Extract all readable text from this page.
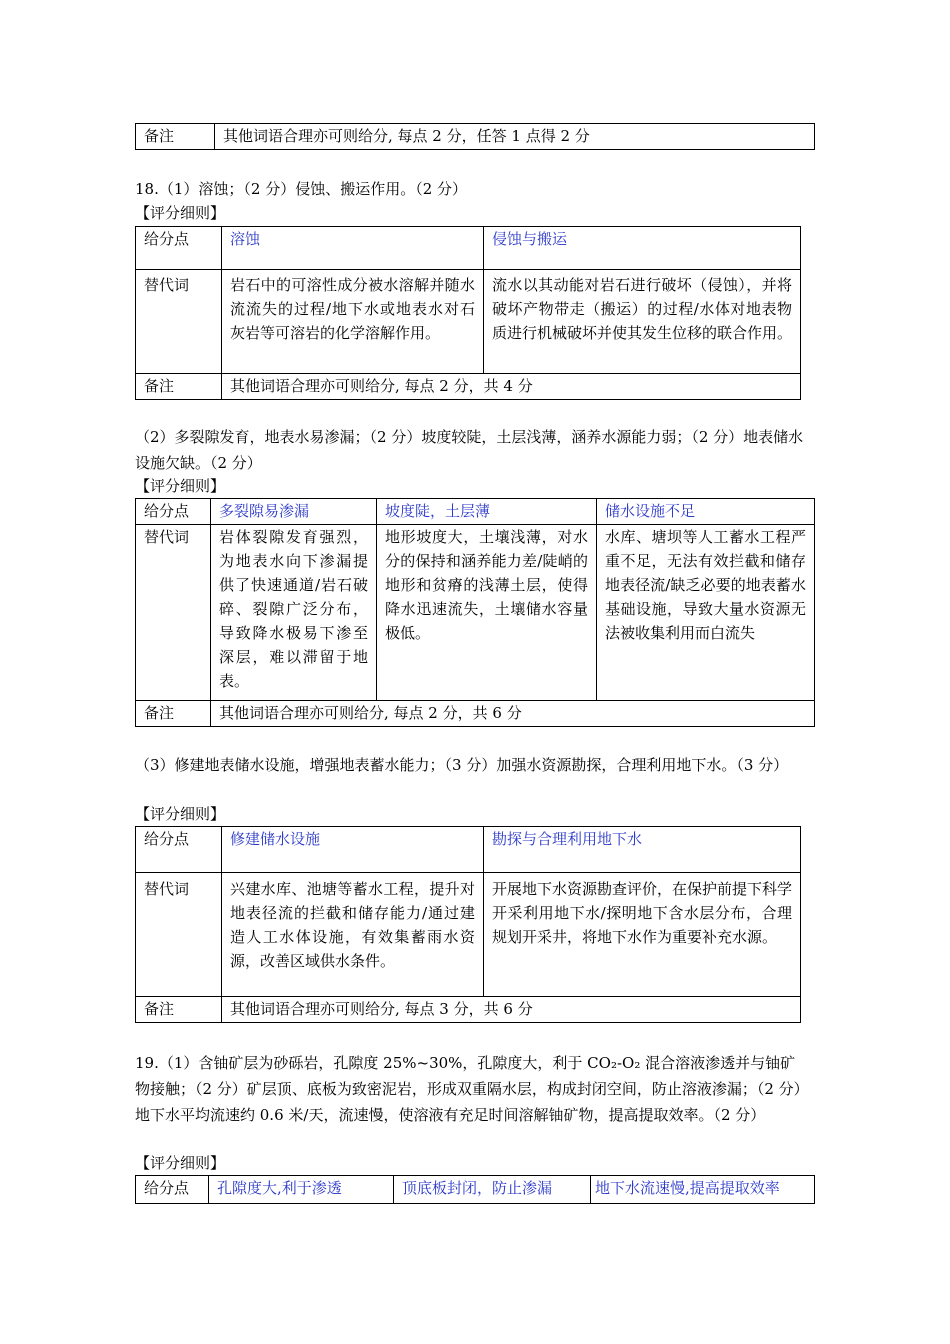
备注	其他词语合理亦可则给分, 每点 2 分，任答 1 点得 2 分

18.（1）溶蚀；（2 分）侵蚀、搬运作用。（2 分）

【评分细则】

给分点	溶蚀	侵蚀与搬运
替代词	岩石中的可溶性成分被水溶解并随水流流失的过程/地下水或地表水对石灰岩等可溶岩的化学溶解作用。	流水以其动能对岩石进行破坏（侵蚀），并将破坏产物带走（搬运）的过程/水体对地表物质进行机械破坏并使其发生位移的联合作用。
备注	其他词语合理亦可则给分, 每点 2 分，共 4 分	

（2）多裂隙发育，地表水易渗漏；（2 分）坡度较陡，土层浅薄，涵养水源能力弱；（2 分）地表储水设施欠缺。（2 分）

【评分细则】

给分点	多裂隙易渗漏	坡度陡，土层薄	储水设施不足
替代词	岩体裂隙发育强烈，为地表水向下渗漏提供了快速通道/岩石破碎、裂隙广泛分布，导致降水极易下渗至深层，难以滞留于地表。	地形坡度大，土壤浅薄，对水分的保持和涵养能力差/陡峭的地形和贫瘠的浅薄土层，使得降水迅速流失，土壤储水容量极低。	水库、塘坝等人工蓄水工程严重不足，无法有效拦截和储存地表径流/缺乏必要的地表蓄水基础设施，导致大量水资源无法被收集利用而白流失
备注	其他词语合理亦可则给分, 每点 2 分，共 6 分		

（3）修建地表储水设施，增强地表蓄水能力；（3 分）加强水资源勘探，合理利用地下水。（3 分）

【评分细则】

给分点	修建储水设施	勘探与合理利用地下水
替代词	兴建水库、池塘等蓄水工程，提升对地表径流的拦截和储存能力/通过建造人工水体设施，有效集蓄雨水资源，改善区域供水条件。	开展地下水资源勘查评价，在保护前提下科学开采利用地下水/探明地下含水层分布，合理规划开采井，将地下水作为重要补充水源。
备注	其他词语合理亦可则给分, 每点 3 分，共 6 分	

19.（1）含铀矿层为砂砾岩，孔隙度 25%~30%，孔隙度大，利于 CO₂-O₂ 混合溶液渗透并与铀矿物接触；（2 分）矿层顶、底板为致密泥岩，形成双重隔水层，构成封闭空间，防止溶液渗漏；（2 分）地下水平均流速约 0.6 米/天，流速慢，使溶液有充足时间溶解铀矿物，提高提取效率。（2 分）

【评分细则】

给分点	孔隙度大,利于渗透	顶底板封闭，防止渗漏	地下水流速慢,提高提取效率
